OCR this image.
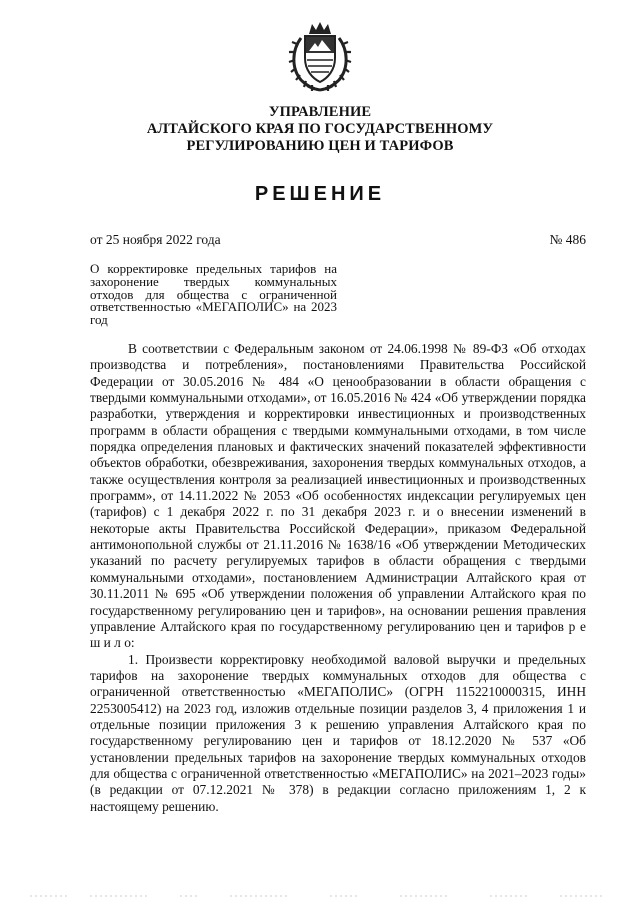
УПРАВЛЕНИЕ
АЛТАЙСКОГО КРАЯ ПО ГОСУДАРСТВЕННОМУ
РЕГУЛИРОВАНИЮ ЦЕН И ТАРИФОВ
РЕШЕНИЕ
от 25 ноября 2022 года	№ 486
О корректировке предельных тарифов на захоронение твердых коммунальных отходов для общества с ограниченной ответственностью «МЕГАПОЛИС» на 2023 год

В соответствии с Федеральным законом от 24.06.1998 № 89-ФЗ «Об отходах производства и потребления», постановлениями Правительства Российской Федерации от 30.05.2016 № 484 «О ценообразовании в области обращения с твердыми коммунальными отходами», от 16.05.2016 № 424 «Об утверждении порядка разработки, утверждения и корректировки инвестиционных и производственных программ в области обращения с твердыми коммунальными отходами, в том числе порядка определения плановых и фактических значений показателей эффективности объектов обработки, обезвреживания, захоронения твердых коммунальных отходов, а также осуществления контроля за реализацией инвестиционных и производственных программ», от 14.11.2022 № 2053 «Об особенностях индексации регулируемых цен (тарифов) с 1 декабря 2022 г. по 31 декабря 2023 г. и о внесении изменений в некоторые акты Правительства Российской Федерации», приказом Федеральной антимонопольной службы от 21.11.2016 № 1638/16 «Об утверждении Методических указаний по расчету регулируемых тарифов в области обращения с твердыми коммунальными отходами», постановлением Администрации Алтайского края от 30.11.2011 № 695 «Об утверждении положения об управлении Алтайского края по государственному регулированию цен и тарифов», на основании решения правления управление Алтайского края по государственному регулированию цен и тарифов р е ш и л о:

1. Произвести корректировку необходимой валовой выручки и предельных тарифов на захоронение твердых коммунальных отходов для общества с ограниченной ответственностью «МЕГАПОЛИС» (ОГРН 1152210000315, ИНН 2253005412) на 2023 год, изложив отдельные позиции разделов 3, 4 приложения 1 и отдельные позиции приложения 3 к решению управления Алтайского края по государственному регулированию цен и тарифов от 18.12.2020 № 537 «Об установлении предельных тарифов на захоронение твердых коммунальных отходов для общества с ограниченной ответственностью «МЕГАПОЛИС» на 2021–2023 годы» (в редакции от 07.12.2021 № 378) в редакции согласно приложениям 1, 2 к настоящему решению.
